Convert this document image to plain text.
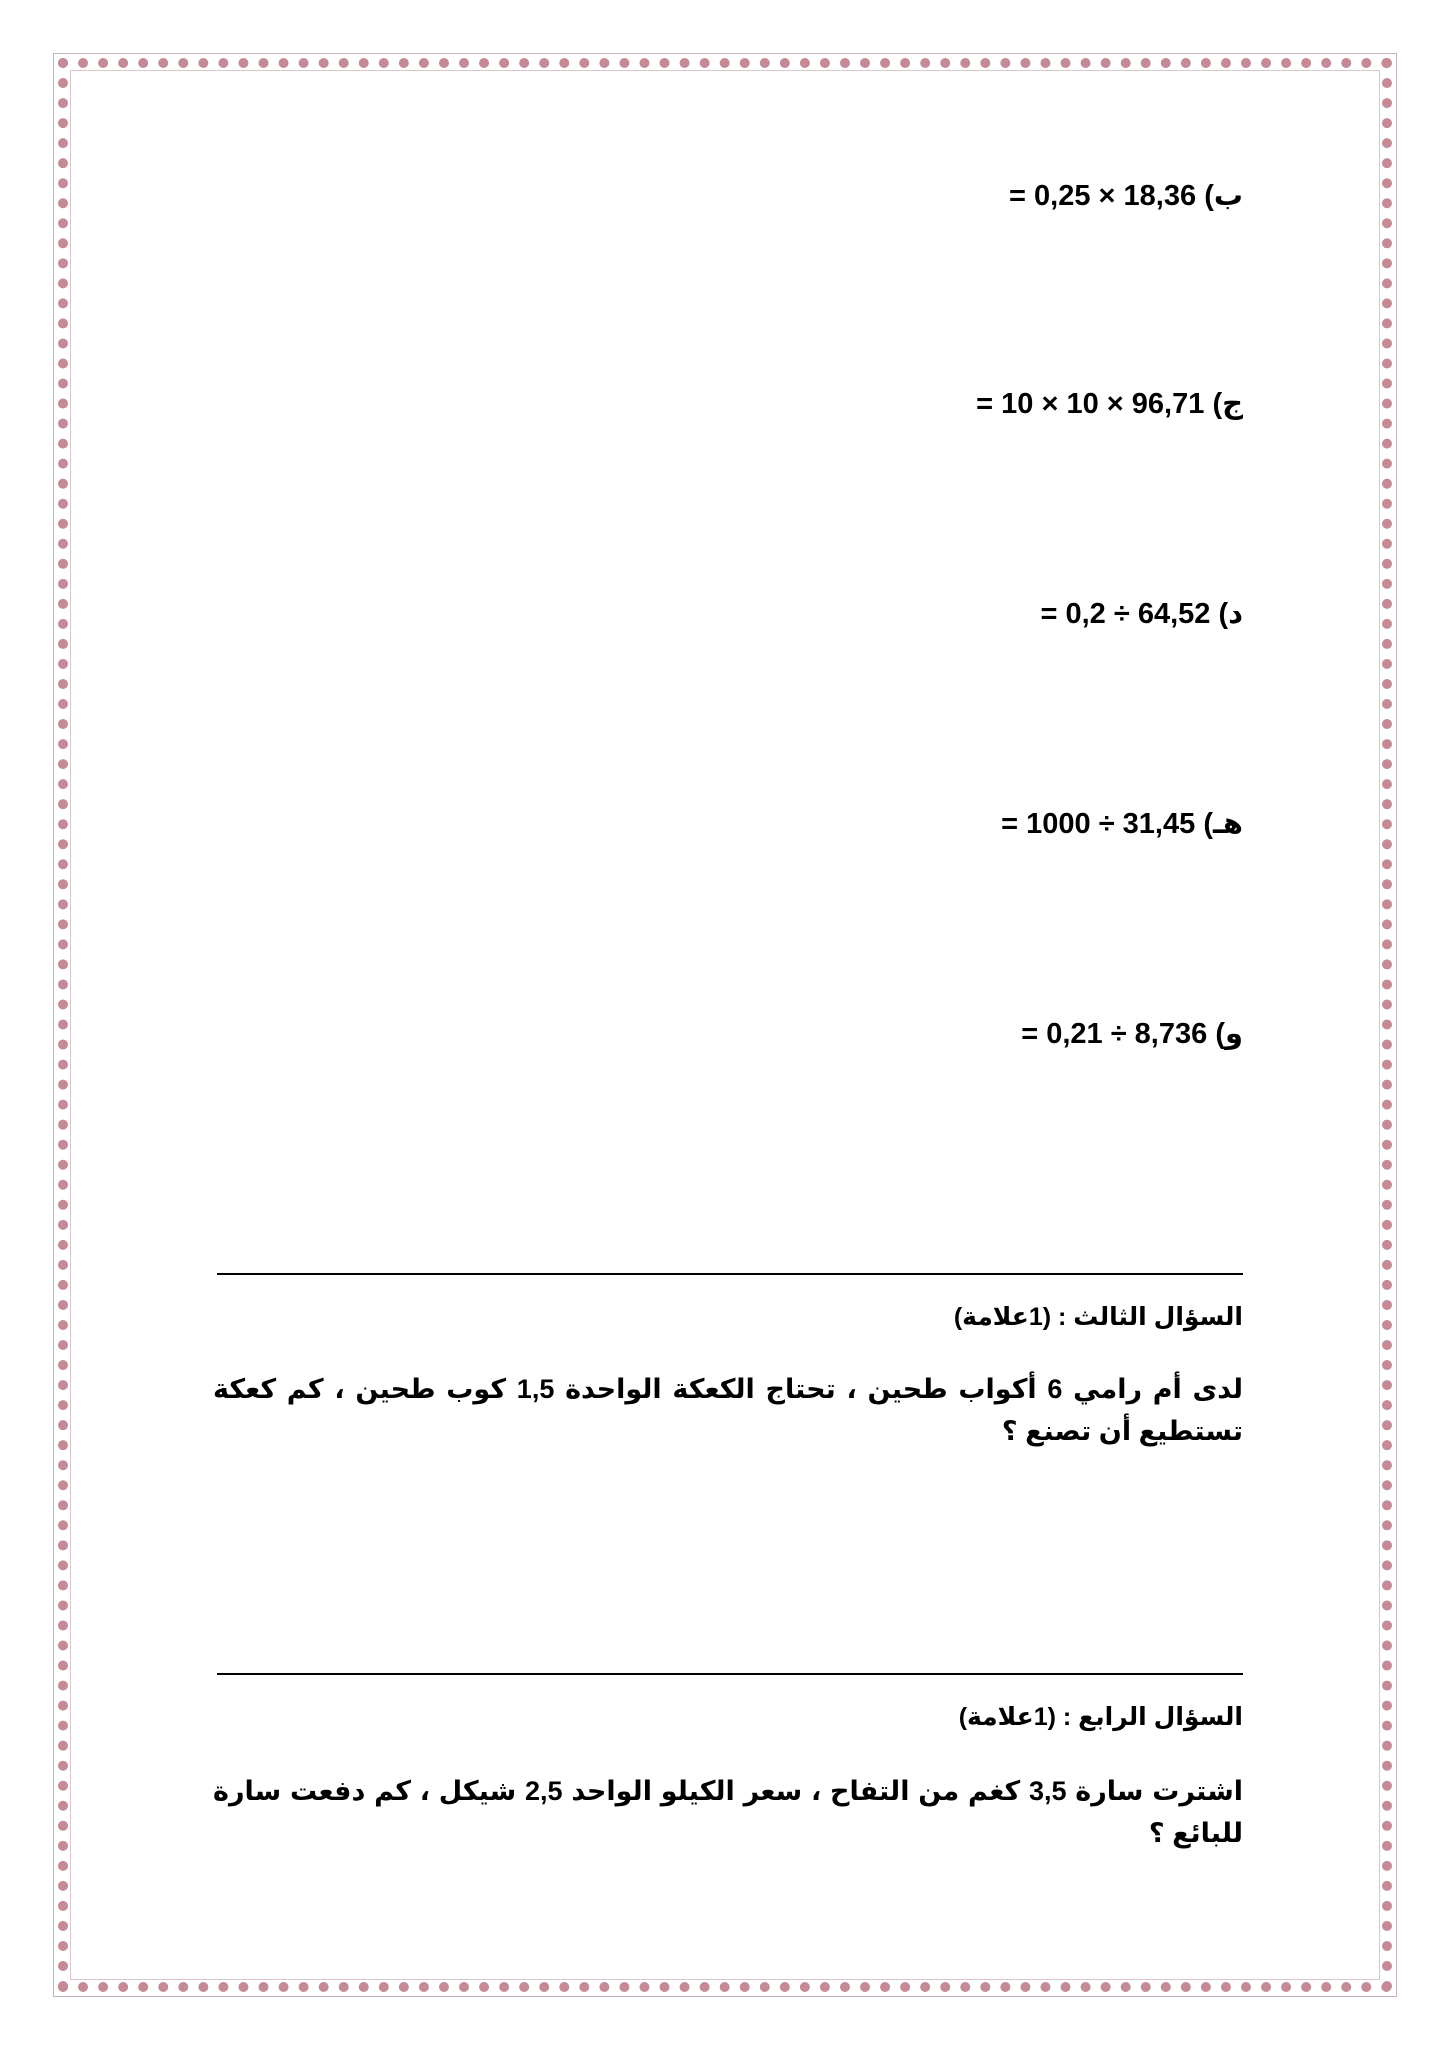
ب) 18,36 × 0,25 =
ج) 96,71 × 10 × 10 =
د) 64,52 ÷ 0,2 =
هـ) 31,45 ÷ 1000 =
و) 8,736 ÷ 0,21 =
السؤال الثالث : (1علامة)
لدى أم رامي 6 أكواب طحين ، تحتاج الكعكة الواحدة 1,5 كوب طحين ، كم كعكة تستطيع أن تصنع ؟
السؤال الرابع : (1علامة)
اشترت سارة 3,5 كغم من التفاح ، سعر الكيلو الواحد 2,5 شيكل ، كم دفعت سارة للبائع ؟
